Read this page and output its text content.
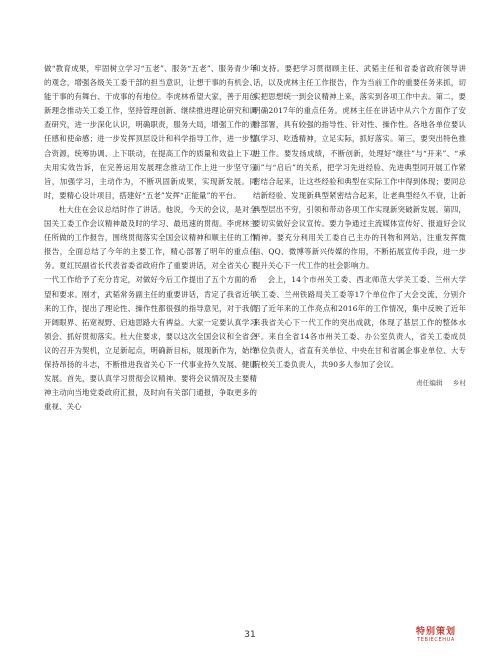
做“教育成果，牢固树立学习“五老”、服务“五老”、服务青少年的观念，增强各级关工委干部的担当意识，让想干事的有机会、能干事的有舞台、干成事的有地位。李虎林希望大家，善于用创新理念推动关工委工作，坚持管理创新、继续推进理论研究和调查研究，进一步深化认识，明确职责，服务大局，增强工作的责任感和使命感；进一步发挥顶层设计和科学指导工作，进一步整合资源，统筹协调、上下联动，在提高工作的质量和效益上下功夫用实效告诉，在完善运用发展理念推动工作上进一步坚守宗旨，加强学习，主动作为，不断巩固新成果，实现新发展。同时，要精心设计项目，搭建好“五老”发挥“正能量”的平台。

杜大住在会议总结时作了讲话。他说，今天的会议，是对全国关工委工作会议精神最及时的学习、最迅速的贯彻。李虎林主任所做的工作报告，围绕贯彻落实全国会议精神和顺主任的工作报告，全面总结了今年的主要工作，精心部署了明年的重点任务。夏红民副省长代表省委省政府作了重要讲话，对全省关心下一代工作给予了充分肯定，对做好今后工作提出了五个方面的希望和要求。刚才，武韬常务副主任的重要讲话，肯定了我省近年来的工作，提出了理论性、操作性都很强的指导意见，对于我们开阔眼界、拓宽视野、启迪思路大有裨益。大家一定要认真学习领会、抓好贯彻落实。杜大住要求，要以这次全国会议和全省会议的召开为契机，立足新起点，明确新目标，展现新作为，始终保持昂扬的斗志，不断推进我省关心下一代事业持久发展、健康发展。首先，要认真学习贯彻会议精神。要将会议情况及主要精神主动向当地党委政府汇报，及时向有关部门通报，争取更多的重视、关心

和支持。要把学习贯彻顾主任、武韬主任和省委省政府领导讲话，以及虎林主任工作报告，作为当前工作的重要任务来抓，切实把思想统一到会议精神上来，落实到各项工作中去。第二，要明确2017年的重点任务。虎林主任在讲话中从六个方面作了安排部署，具有较强的指导性、针对性、操作性。各地各单位要认真学习、吃透精神，立足实际，抓好落实。第三，要突出特色推进工作。要发扬成绩，不断创新，处理好“继往”与“开来”、“承前”与“启后”的关系，把学习先进经验、先进典型同开展工作紧密结合起来，让这些经验和典型在实际工作中得到体现；要同总结新经验、发现新典型紧密结合起来，让老典型经久不衰，让新典型层出不穷，引领和带动各项工作实现新突破新发展。第四，要切实做好会议宣传。要力争通过主流媒体宣传好、报道好会议精神。要充分利用关工委自己主办的刊物和网站，注重发挥微信、QQ、微博等新兴传媒的作用，不断拓展宣传手段，进一步提升关心下一代工作的社会影响力。

会上，14个市州关工委、西北师范大学关工委、兰州大学关工委、兰州铁路局关工委等17个单位作了大会交流，分别介绍了近年来的工作亮点和2016年的工作情况，集中反映了近年来我省关心下一代工作的突出成就，体现了基层工作的整体水平。来自全省14各市州关工委、办公室负责人，省关工委成员单位负责人，省直有关单位、中央在甘和省属企事业单位、大专院校关工委负责人，共90多人参加了会议。

责任编辑 乡村
31	特别策划
TEBIECEHUA
